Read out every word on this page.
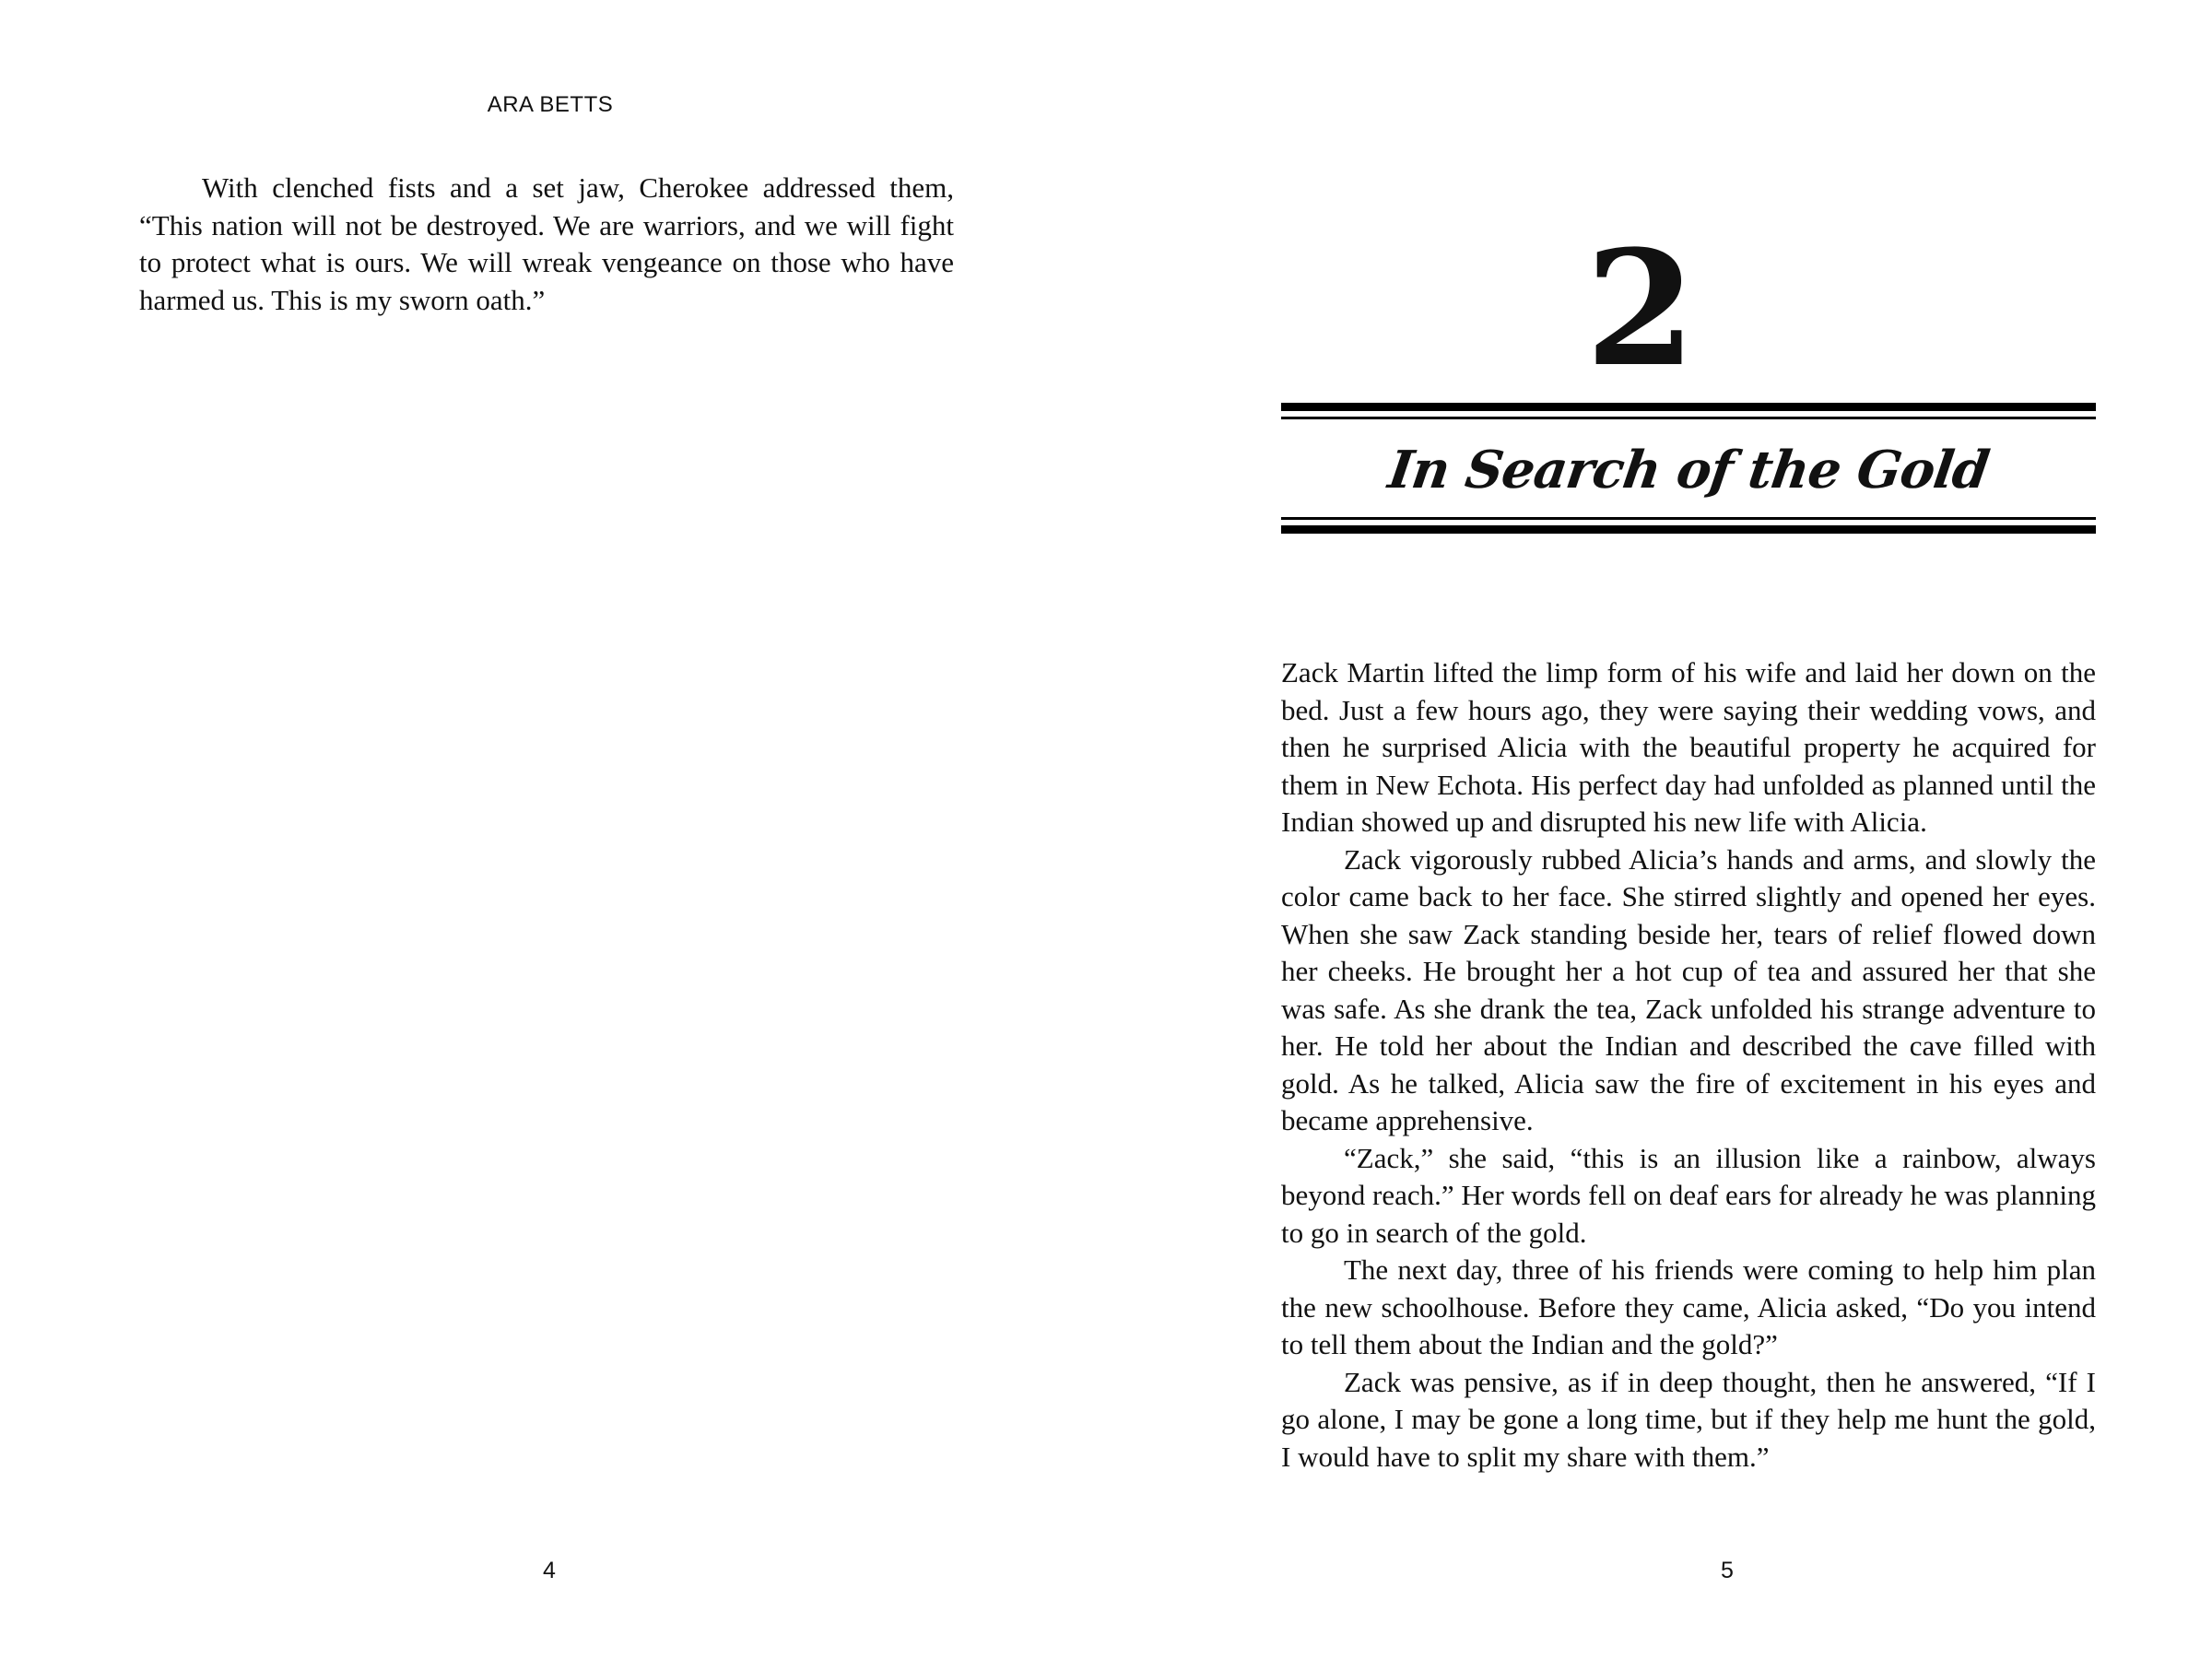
ARA BETTS

With clenched fists and a set jaw, Cherokee addressed them, “This nation will not be destroyed. We are warriors, and we will fight to protect what is ours. We will wreak vengeance on those who have harmed us. This is my sworn oath.”

4
2
In Search of the Gold

Zack Martin lifted the limp form of his wife and laid her down on the bed. Just a few hours ago, they were saying their wedding vows, and then he surprised Alicia with the beautiful property he acquired for them in New Echota. His perfect day had unfolded as planned until the Indian showed up and disrupted his new life with Alicia.

Zack vigorously rubbed Alicia’s hands and arms, and slowly the color came back to her face. She stirred slightly and opened her eyes. When she saw Zack standing beside her, tears of relief flowed down her cheeks. He brought her a hot cup of tea and assured her that she was safe. As she drank the tea, Zack unfolded his strange adventure to her. He told her about the Indian and described the cave filled with gold. As he talked, Alicia saw the fire of excitement in his eyes and became apprehensive.

“Zack,” she said, “this is an illusion like a rainbow, always beyond reach.” Her words fell on deaf ears for already he was planning to go in search of the gold.

The next day, three of his friends were coming to help him plan the new schoolhouse. Before they came, Alicia asked, “Do you intend to tell them about the Indian and the gold?”

Zack was pensive, as if in deep thought, then he answered, “If I go alone, I may be gone a long time, but if they help me hunt the gold, I would have to split my share with them.”

5
